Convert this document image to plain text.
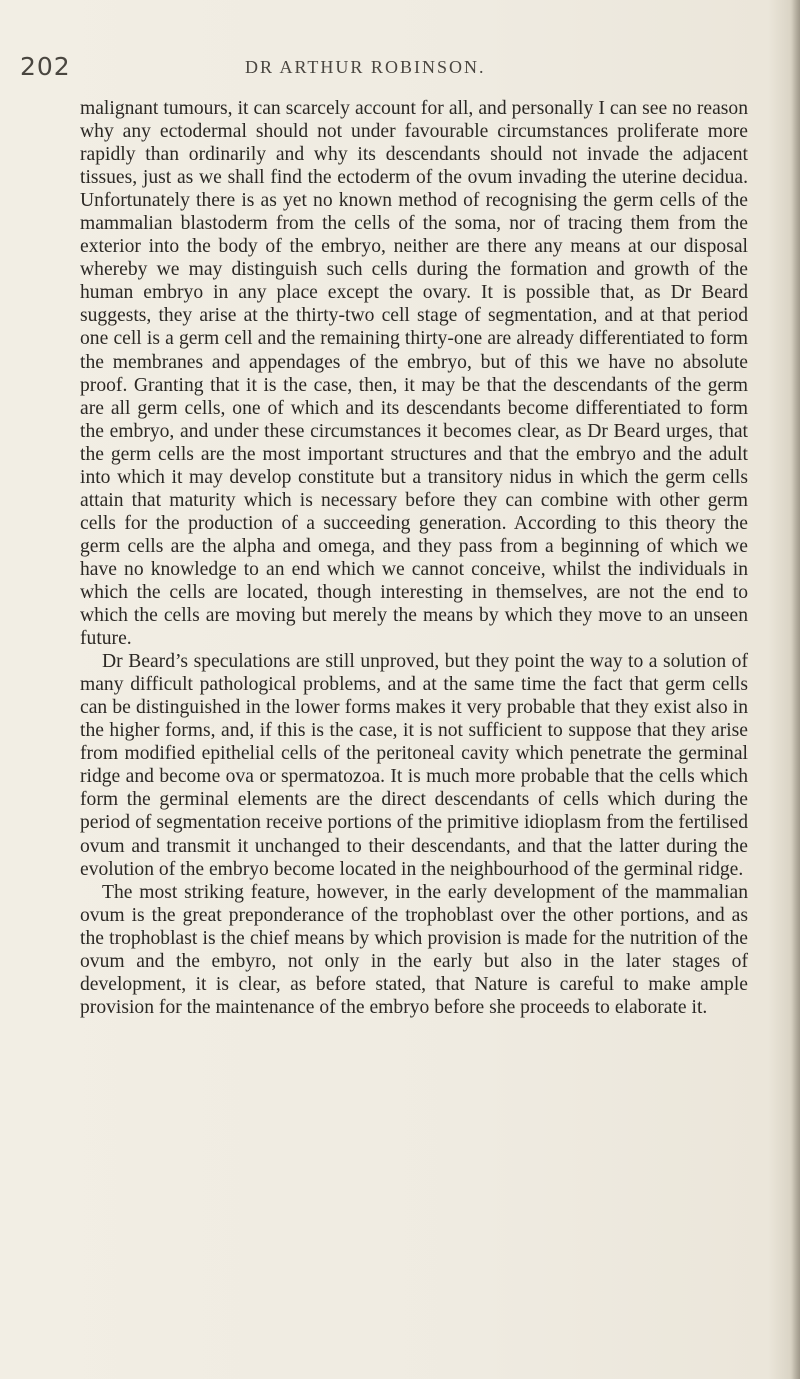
202	DR ARTHUR ROBINSON.

malignant tumours, it can scarcely account for all, and personally I can see no reason why any ectodermal should not under favourable circumstances proliferate more rapidly than ordinarily and why its descendants should not invade the adjacent tissues, just as we shall find the ectoderm of the ovum invading the uterine decidua. Unfortunately there is as yet no known method of recognising the germ cells of the mammalian blastoderm from the cells of the soma, nor of tracing them from the exterior into the body of the embryo, neither are there any means at our disposal whereby we may distinguish such cells during the formation and growth of the human embryo in any place except the ovary. It is possible that, as Dr Beard suggests, they arise at the thirty-two cell stage of segmentation, and at that period one cell is a germ cell and the remaining thirty-one are already differentiated to form the membranes and appendages of the embryo, but of this we have no absolute proof. Granting that it is the case, then, it may be that the descendants of the germ are all germ cells, one of which and its descendants become differentiated to form the embryo, and under these circumstances it becomes clear, as Dr Beard urges, that the germ cells are the most important structures and that the embryo and the adult into which it may develop constitute but a transitory nidus in which the germ cells attain that maturity which is necessary before they can combine with other germ cells for the production of a succeeding generation. According to this theory the germ cells are the alpha and omega, and they pass from a beginning of which we have no knowledge to an end which we cannot conceive, whilst the individuals in which the cells are located, though interesting in themselves, are not the end to which the cells are moving but merely the means by which they move to an unseen future.

Dr Beard’s speculations are still unproved, but they point the way to a solution of many difficult pathological problems, and at the same time the fact that germ cells can be distinguished in the lower forms makes it very probable that they exist also in the higher forms, and, if this is the case, it is not sufficient to suppose that they arise from modified epithelial cells of the peritoneal cavity which penetrate the germinal ridge and become ova or spermatozoa. It is much more probable that the cells which form the germinal elements are the direct descendants of cells which during the period of segmentation receive portions of the primitive idioplasm from the fertilised ovum and transmit it unchanged to their descendants, and that the latter during the evolution of the embryo become located in the neighbourhood of the germinal ridge.

The most striking feature, however, in the early development of the mammalian ovum is the great preponderance of the trophoblast over the other portions, and as the trophoblast is the chief means by which provision is made for the nutrition of the ovum and the embyro, not only in the early but also in the later stages of development, it is clear, as before stated, that Nature is careful to make ample provision for the maintenance of the embryo before she proceeds to elaborate it.
